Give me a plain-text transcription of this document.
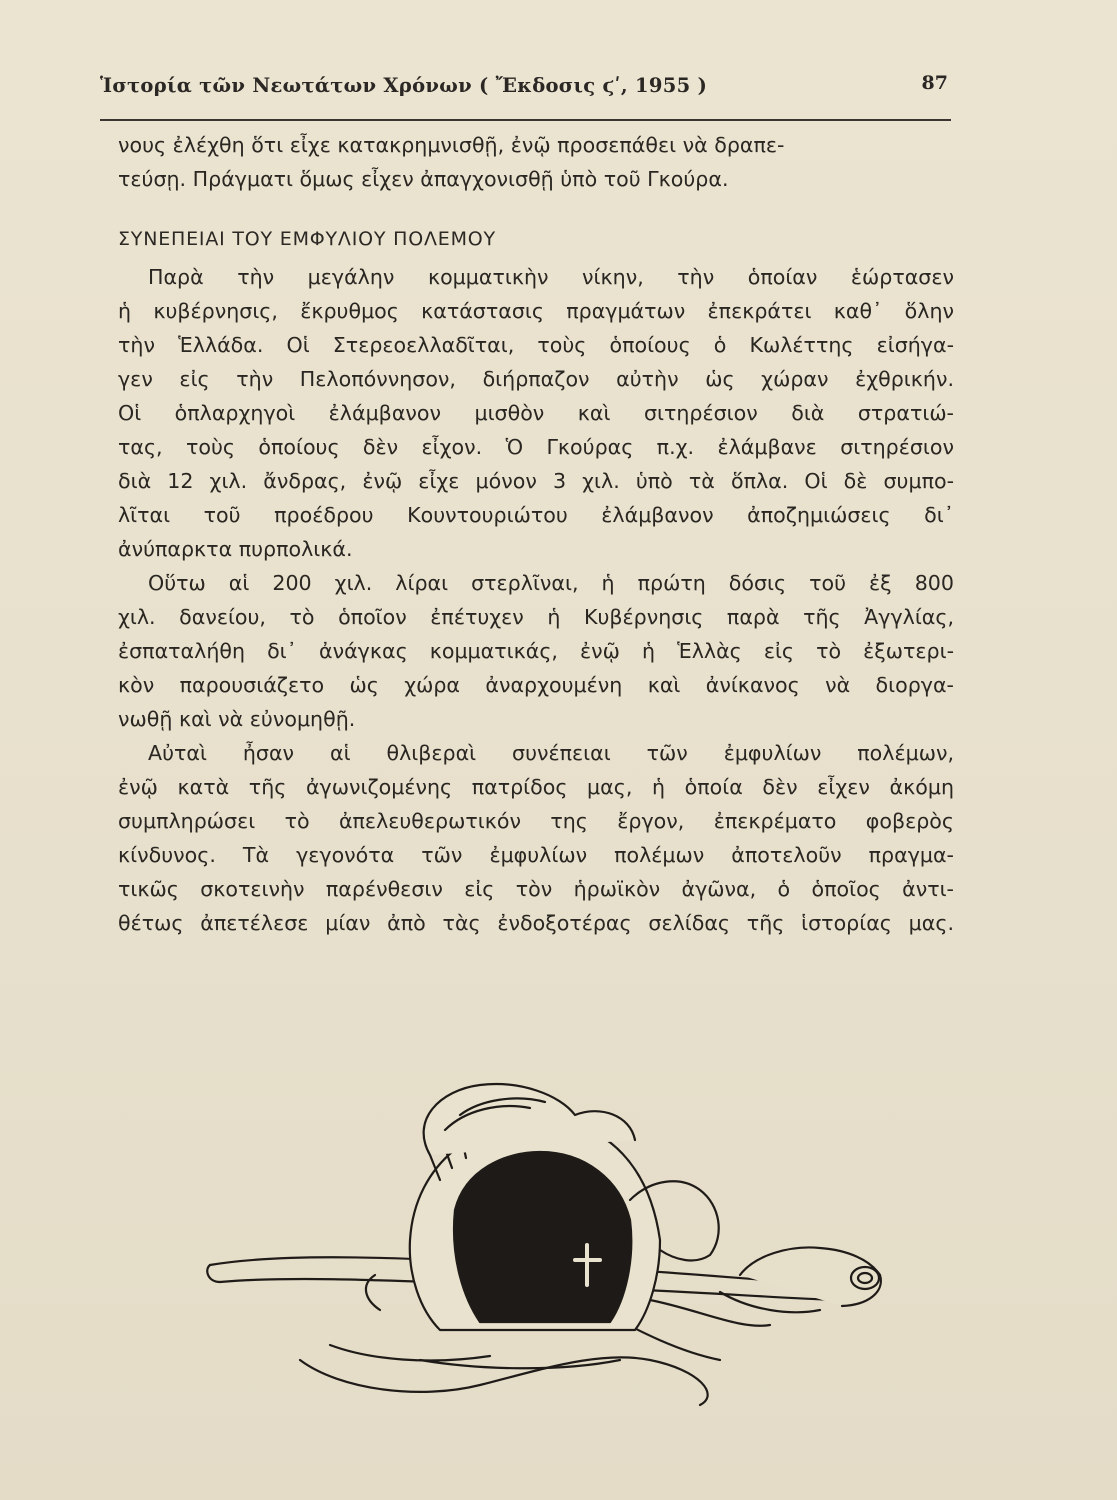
Ἱστορία τῶν Νεωτάτων Χρόνων ( Ἔκδοσις ϛʹ, 1955 )	87

νους ἐλέχθη ὅτι εἶχε κατακρημνισθῇ, ἐνῷ προσεπάθει νὰ δραπε-
τεύσῃ. Πράγματι ὅμως εἶχεν ἀπαγχονισθῇ ὑπὸ τοῦ Γκούρα.

ΣΥΝΕΠΕΙΑΙ ΤΟΥ ΕΜΦΥΛΙΟΥ ΠΟΛΕΜΟΥ

Παρὰ τὴν μεγάλην κομματικὴν νίκην, τὴν ὁποίαν ἑώρτασεν
ἡ κυβέρνησις, ἔκρυθμος κατάστασις πραγμάτων ἐπεκράτει καθ᾽ ὅλην
τὴν Ἑλλάδα. Οἱ Στερεοελλαδῖται, τοὺς ὁποίους ὁ Κωλέττης εἰσήγα-
γεν εἰς τὴν Πελοπόννησον, διήρπαζον αὐτὴν ὡς χώραν ἐχθρικήν.
Οἱ ὁπλαρχηγοὶ ἐλάμβανον μισθὸν καὶ σιτηρέσιον διὰ στρατιώ-
τας, τοὺς ὁποίους δὲν εἶχον. Ὁ Γκούρας π.χ. ἐλάμβανε σιτηρέσιον
διὰ 12 χιλ. ἄνδρας, ἐνῷ εἶχε μόνον 3 χιλ. ὑπὸ τὰ ὅπλα. Οἱ δὲ συμπο-
λῖται τοῦ προέδρου Κουντουριώτου ἐλάμβανον ἀποζημιώσεις δι᾽
ἀνύπαρκτα πυρπολικά.

Οὕτω αἱ 200 χιλ. λίραι στερλῖναι, ἡ πρώτη δόσις τοῦ ἐξ 800
χιλ. δανείου, τὸ ὁποῖον ἐπέτυχεν ἡ Κυβέρνησις παρὰ τῆς Ἀγγλίας,
ἐσπαταλήθη δι᾽ ἀνάγκας κομματικάς, ἐνῷ ἡ Ἑλλὰς εἰς τὸ ἐξωτερι-
κὸν παρουσιάζετο ὡς χώρα ἀναρχουμένη καὶ ἀνίκανος νὰ διοργα-
νωθῇ καὶ νὰ εὐνομηθῇ.

Αὐταὶ ἦσαν αἱ θλιβεραὶ συνέπειαι τῶν ἐμφυλίων πολέμων,
ἐνῷ κατὰ τῆς ἀγωνιζομένης πατρίδος μας, ἡ ὁποία δὲν εἶχεν ἀκόμη
συμπληρώσει τὸ ἀπελευθερωτικόν της ἔργον, ἐπεκρέματο φοβερὸς
κίνδυνος. Τὰ γεγονότα τῶν ἐμφυλίων πολέμων ἀποτελοῦν πραγμα-
τικῶς σκοτεινὴν παρένθεσιν εἰς τὸν ἡρωϊκὸν ἀγῶνα, ὁ ὁποῖος ἀντι-
θέτως ἀπετέλεσε μίαν ἀπὸ τὰς ἐνδοξοτέρας σελίδας τῆς ἱστορίας μας.
